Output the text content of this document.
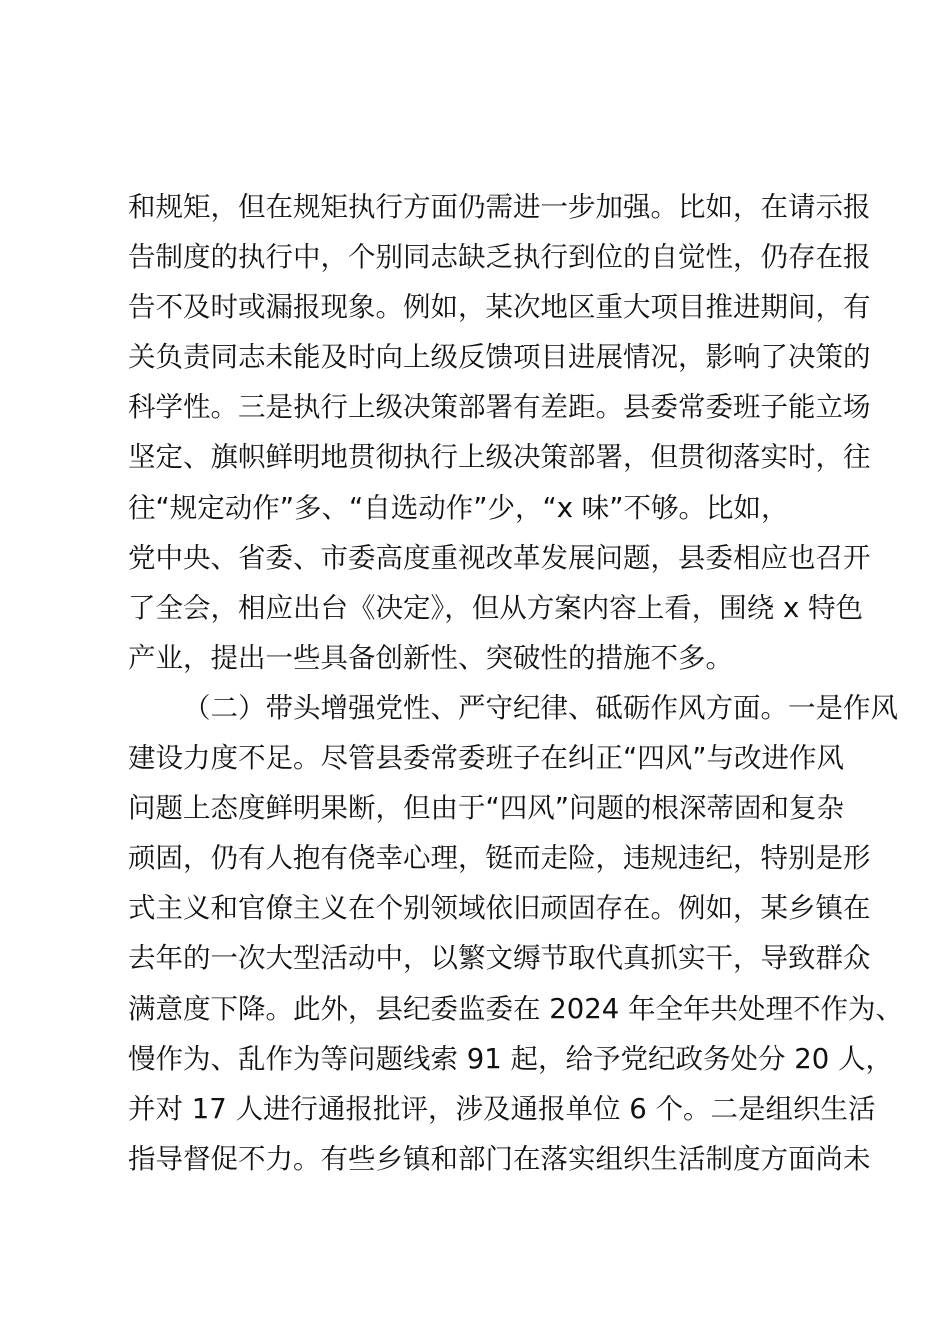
和规矩，但在规矩执行方面仍需进一步加强。比如，在请示报
告制度的执行中，个别同志缺乏执行到位的自觉性，仍存在报
告不及时或漏报现象。例如，某次地区重大项目推进期间，有
关负责同志未能及时向上级反馈项目进展情况，影响了决策的
科学性。三是执行上级决策部署有差距。县委常委班子能立场
坚定、旗帜鲜明地贯彻执行上级决策部署，但贯彻落实时，往
往“规定动作”多、“自选动作”少，“x 味”不够。比如，
党中央、省委、市委高度重视改革发展问题，县委相应也召开
了全会，相应出台《决定》，但从方案内容上看，围绕 x 特色
产业，提出一些具备创新性、突破性的措施不多。
（二）带头增强党性、严守纪律、砥砺作风方面。一是作风
建设力度不足。尽管县委常委班子在纠正“四风”与改进作风
问题上态度鲜明果断，但由于“四风”问题的根深蒂固和复杂
顽固，仍有人抱有侥幸心理，铤而走险，违规违纪，特别是形
式主义和官僚主义在个别领域依旧顽固存在。例如，某乡镇在
去年的一次大型活动中，以繁文缛节取代真抓实干，导致群众
满意度下降。此外，县纪委监委在 2024 年全年共处理不作为、
慢作为、乱作为等问题线索 91 起，给予党纪政务处分 20 人，
并对 17 人进行通报批评，涉及通报单位 6 个。二是组织生活
指导督促不力。有些乡镇和部门在落实组织生活制度方面尚未
